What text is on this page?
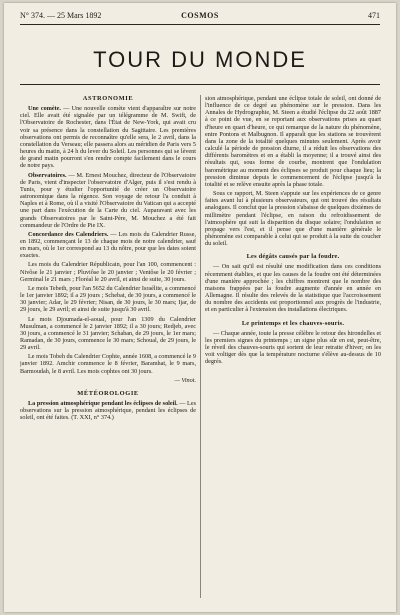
N° 374. — 25 Mars 1892	COSMOS	471
TOUR DU MONDE
ASTRONOMIE

Une comète. — Une nouvelle comète vient d'apparaître sur notre ciel. Elle avait été signalée par un télégramme de M. Swift, de l'Observatoire de Rochester, dans l'État de New-York, qui avait cru voir sa présence dans la constellation du Sagittaire. Les premières observations ont permis de reconnaître qu'elle sera, le 2 avril, dans la constellation du Verseau; elle passera alors au méridien de Paris vers 5 heures du matin, à 24 h du lever du Soleil. Les personnes qui se lèvent de grand matin pourront s'en rendre compte facilement dans le cours de notre pays.

Observatoires. — M. Ernest Mouchez, directeur de l'Observatoire de Paris, vient d'inspecter l'observatoire d'Alger, puis il s'est rendu à Tunis, pour y étudier l'opportunité de créer un Observatoire astronomique dans la régence. Son voyage de retour l'a conduit à Naples et à Rome, où il a visité l'Observatoire du Vatican qui a accepté une part dans l'exécution de la Carte du ciel. Auparavant avec les grands Observatoires par le Saint-Père, M. Mouchez a été fait commandeur de l'Ordre de Pie IX.

Concordance des Calendriers. — Les mois du Calendrier Russe, en 1892, commençant le 13 de chaque mois de notre calendrier, sauf en mars, où le 1er correspond au 13 du nôtre, pour que les dates soient exactes.

Les mois du Calendrier Républicain, pour l'an 100, commencent : Nivôse le 21 janvier ; Pluviôse le 20 janvier ; Ventôse le 20 février ; Germinal le 21 mars ; Floréal le 20 avril, et ainsi de suite, 30 jours.

Le mois Tebeth, pour l'an 5652 du Calendrier Israélite, a commencé le 1er janvier 1892; il a 29 jours ; Schebat, de 30 jours, a commencé le 30 janvier; Adar, le 29 février; Nisan, de 30 jours, le 30 mars; Ijar, de 29 jours, le 29 avril; et ainsi de suite jusqu'à 30 avril.

Le mois Djoumada-el-aoual, pour l'an 1309 du Calendrier Musulman, a commencé le 2 janvier 1892; il a 30 jours; Redjeb, avec 30 jours, a commencé le 31 janvier; Schaban, de 29 jours, le 1er mars; Ramadan, de 30 jours, commence le 30 mars; Schoual, de 29 jours, le 29 avril.

Le mois Tobeh du Calendrier Cophte, année 1608, a commencé le 9 janvier 1892. Amchir commence le 8 février, Baramhat, le 9 mars, Barmoudah, le 8 avril. Les mois cophtes ont 30 jours.

— Vinot.
MÉTÉOROLOGIE

La pression atmosphérique pendant les éclipses de soleil. — Les observations sur la pression atmosphérique, pendant les éclipses de soleil, ont été faites. (T. XXI, n° 374.)

sion atmosphérique, pendant une éclipse totale de soleil, ont donné de l'influence de ce degré au phénomène sur le pression. Dans les Annales de Hydrographie, M. Steen a étudié l'éclipse du 22 août 1887 à ce point de vue, en se reportant aux observations prises au quart d'heure en quart d'heure, ce qui remarque de la nature du phénomène, entre Pontons et Malbugnon. Il apparaît que les stations se trouvèrent dans la zone de la totalité quelques minutes seulement. Après avoir calculé la période de pression diurne, il a réduit les observations des différents baromètres et en a établi la moyenne; il a trouvé ainsi des résultats qui, sous forme de courbe, montrent que l'ondulation barométrique au moment des éclipses se produit pour chaque lieu; la pression diminue depuis le commencement de l'éclipse jusqu'à la totalité et se relève ensuite après la phase totale.

Sous ce rapport, M. Steen s'appuie sur les expériences de ce genre faites avant lui à plusieurs observateurs, qui ont trouvé des résultats analogues. Il conclut que la pression s'abaisse de quelques dixièmes de millimètre pendant l'éclipse, en raison du refroidissement de l'atmosphère qui suit la disparition du disque solaire; l'ondulation se propage vers l'est, et il pense que d'une manière générale le phénomène est comparable à celui qui se produit à la suite du coucher du soleil.

Les dégâts causés par la foudre.

— On sait qu'il est résulté une modification dans ces conditions récemment établies, et que les causes de la foudre ont été déterminées d'une manière approchée ; les chiffres montrent que le nombre des maisons frappées par la foudre augmente d'année en année en Allemagne. Il résulte des relevés de la statistique que l'accroissement du nombre des accidents est proportionnel aux progrès de l'industrie, et en particulier à l'extension des installations électriques.

Le printemps et les chauves-souris.

— Chaque année, toute la presse célèbre le retour des hirondelles et les premiers signes du printemps ; un signe plus sûr en est, peut-être, le réveil des chauves-souris qui sortent de leur retraite d'hiver; on les voit voltiger dès que la température nocturne s'élève au-dessus de 10 degrés.
